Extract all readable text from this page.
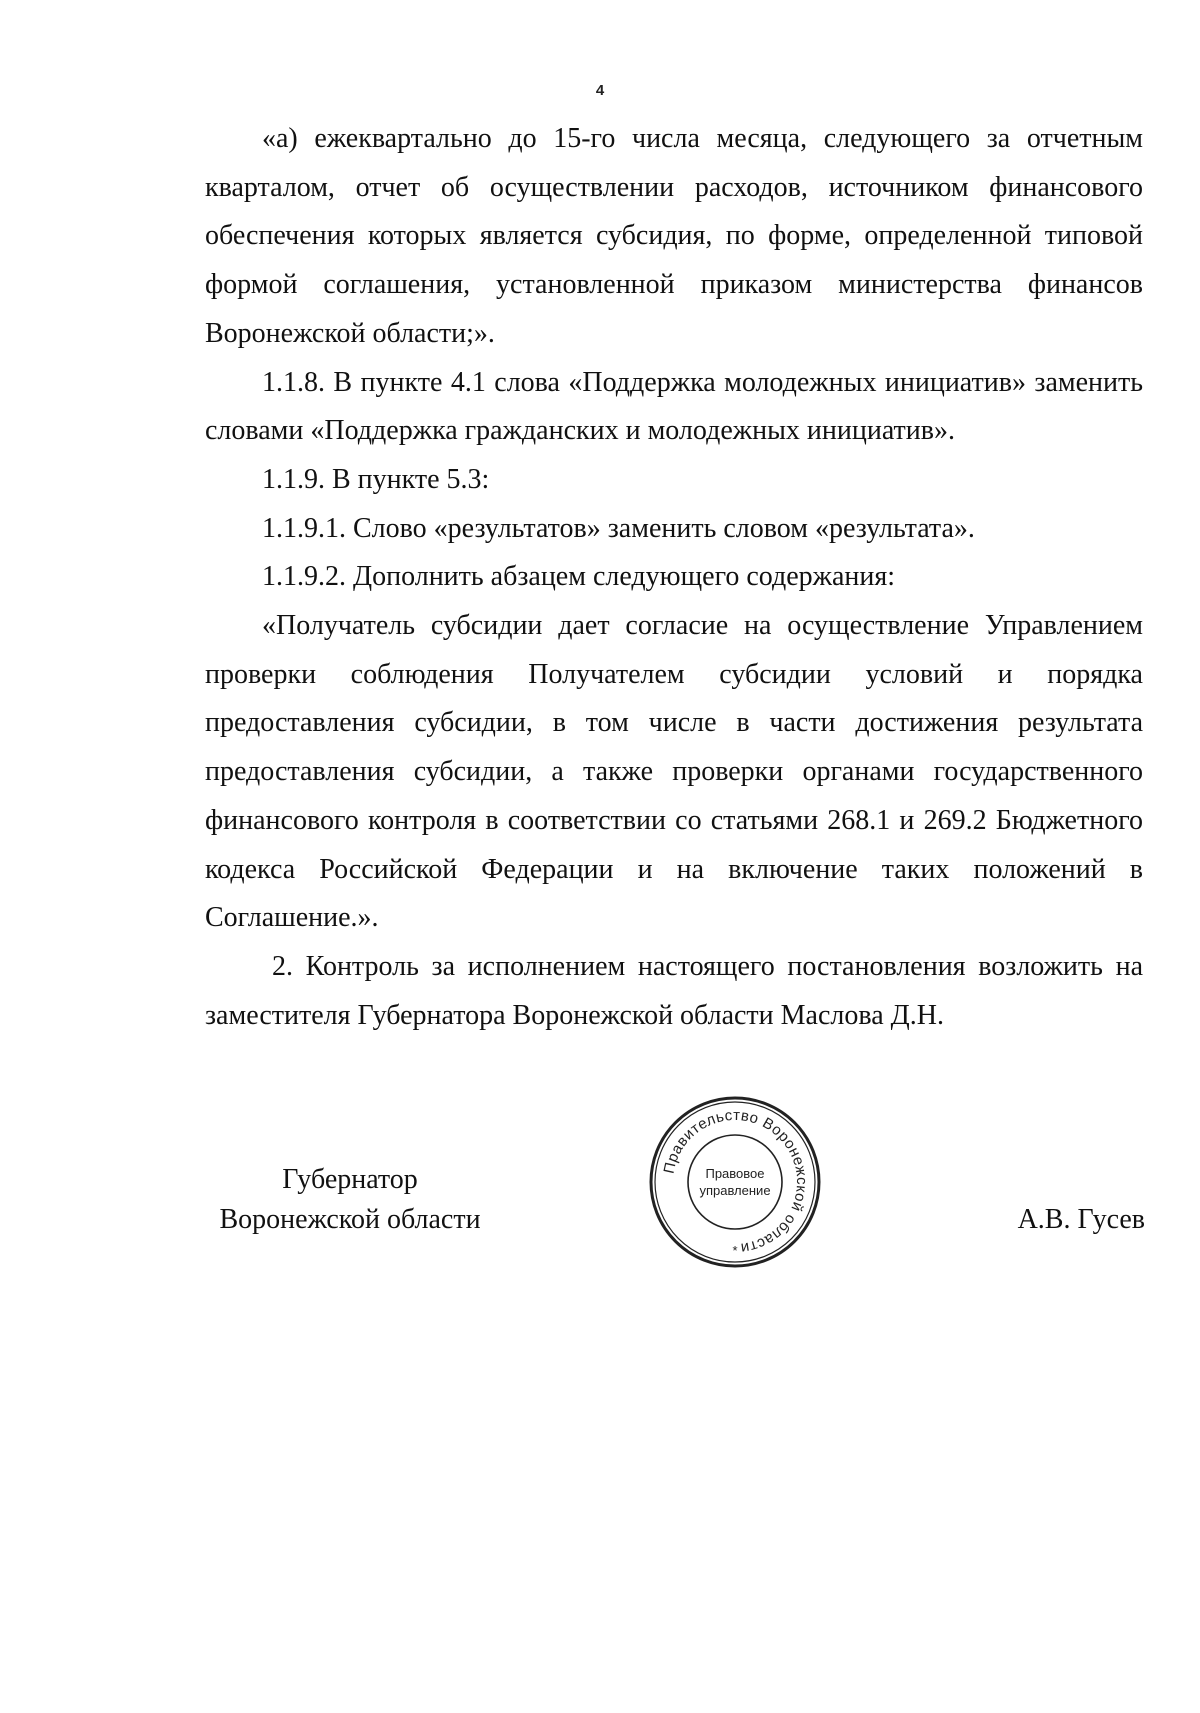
4

«а) ежеквартально до 15-го числа месяца, следующего за отчетным кварталом, отчет об осуществлении расходов, источником финансового обеспечения которых является субсидия, по форме, определенной типовой формой соглашения, установленной приказом министерства финансов Воронежской области;».

1.1.8. В пункте 4.1 слова «Поддержка молодежных инициатив» заменить словами «Поддержка гражданских и молодежных инициатив».

1.1.9. В пункте 5.3:

1.1.9.1. Слово «результатов» заменить словом «результата».

1.1.9.2. Дополнить абзацем следующего содержания:

«Получатель субсидии дает согласие на осуществление Управлением проверки соблюдения Получателем субсидии условий и порядка предоставления субсидии, в том числе в части достижения результата предоставления субсидии, а также проверки органами государственного финансового контроля в соответствии со статьями 268.1 и 269.2 Бюджетного кодекса Российской Федерации и на включение таких положений в Соглашение.».

2. Контроль за исполнением настоящего постановления возложить на заместителя Губернатора Воронежской области Маслова Д.Н.

Губернатор
Воронежской области	А.В. Гусев
Правительство Воронежской области
Правовое
управление
*
